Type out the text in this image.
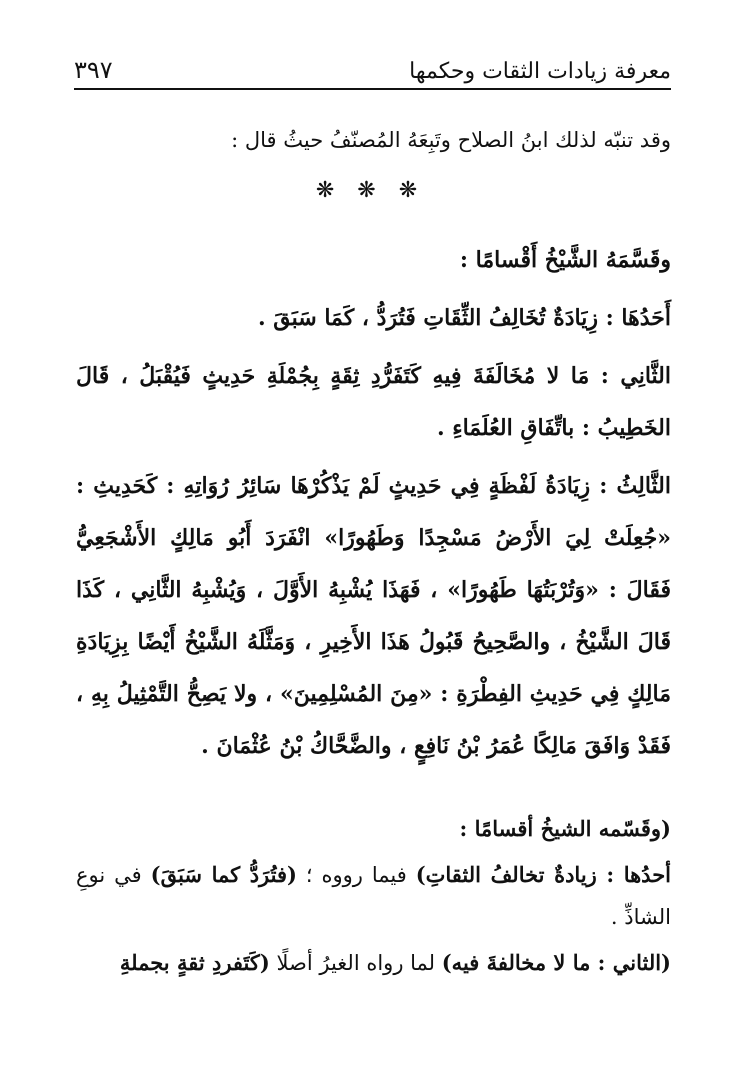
معرفة زيادات الثقات وحكمها
٣٩٧
وقد تنبّه لذلك ابنُ الصلاح وتَبِعَهُ المُصنّفُ حيثُ قال :
❋ ❋ ❋

وقَسَّمَهُ الشَّيْخُ أَقْسامًا :

أَحَدُهَا : زِيَادَةٌ تُخَالِفُ الثِّقَاتِ فَتُرَدُّ ، كَمَا سَبَقَ .

الثَّانِي : مَا لا مُخَالَفَةَ فِيهِ كَتَفَرُّدِ ثِقَةٍ بِجُمْلَةِ حَدِيثٍ فَيُقْبَلُ ، قَالَ الخَطِيبُ : باتِّفَاقِ العُلَمَاءِ .

الثَّالِثُ : زِيَادَةُ لَفْظَةٍ فِي حَدِيثٍ لَمْ يَذْكُرْهَا سَائِرُ رُوَاتِهِ : كَحَدِيثِ : «جُعِلَتْ لِيَ الأَرْضُ مَسْجِدًا وَطَهُورًا» انْفَرَدَ أَبُو مَالِكٍ الأَشْجَعِيُّ فَقَالَ : «وَتُرْبَتُهَا طَهُورًا» ، فَهَذَا يُشْبِهُ الأَوَّلَ ، وَيُشْبِهُ الثَّانِي ، كَذَا قَالَ الشَّيْخُ ، والصَّحِيحُ قَبُولُ هَذَا الأَخِيرِ ، وَمَثَّلَهُ الشَّيْخُ أَيْضًا بِزِيَادَةِ مَالِكٍ فِي حَدِيثِ الفِطْرَةِ : «مِنَ المُسْلِمِينَ» ، ولا يَصِحُّ التَّمْثِيلُ بِهِ ، فَقَدْ وَافَقَ مَالِكًا عُمَرُ بْنُ نَافِعٍ ، والضَّحَّاكُ بْنُ عُثْمَانَ .

(وقَسّمه الشيخُ أقسامًا :

أحدُها : زيادةٌ تخالفُ الثقاتِ) فيما رووه ؛ (فتُرَدُّ كما سَبَقَ) في نوعِ الشاذِّ .

(الثاني : ما لا مخالفةَ فيه) لما رواه الغيرُ أصلًا (كَتَفردِ ثقةٍ بجملةِ
